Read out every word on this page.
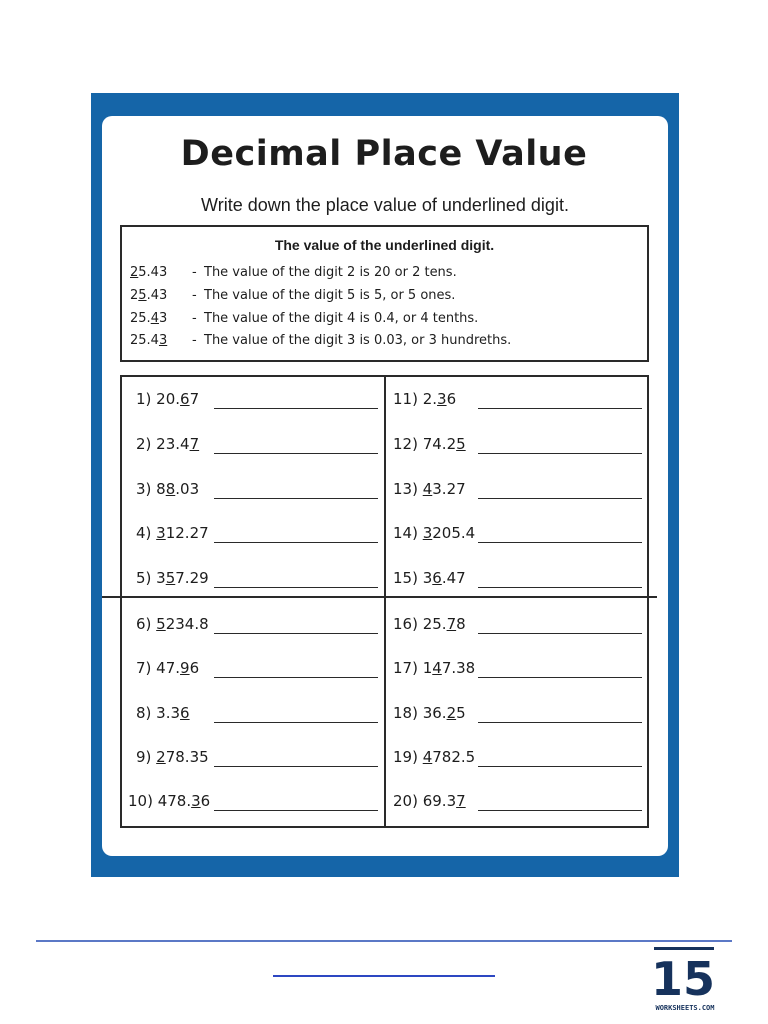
Decimal Place Value
Write down the place value of underlined digit.
The value of the underlined digit.
25.43	- The value of the digit 2 is 20 or 2 tens.
25.43	- The value of the digit 5 is 5, or 5 ones.
25.43	- The value of the digit 4 is 0.4, or 4 tenths.
25.43	- The value of the digit 3 is 0.03, or 3 hundreths.
1) 20.67
2) 23.47
3) 88.03
4) 312.27
5) 357.29
6) 5234.8
7) 47.96
8) 3.36
9) 278.35
10) 478.36
11) 2.36
12) 74.25
13) 43.27
14) 3205.4
15) 36.47
16) 25.78
17) 147.38
18) 36.25
19) 4782.5
20) 69.37
15
WORKSHEETS.COM
